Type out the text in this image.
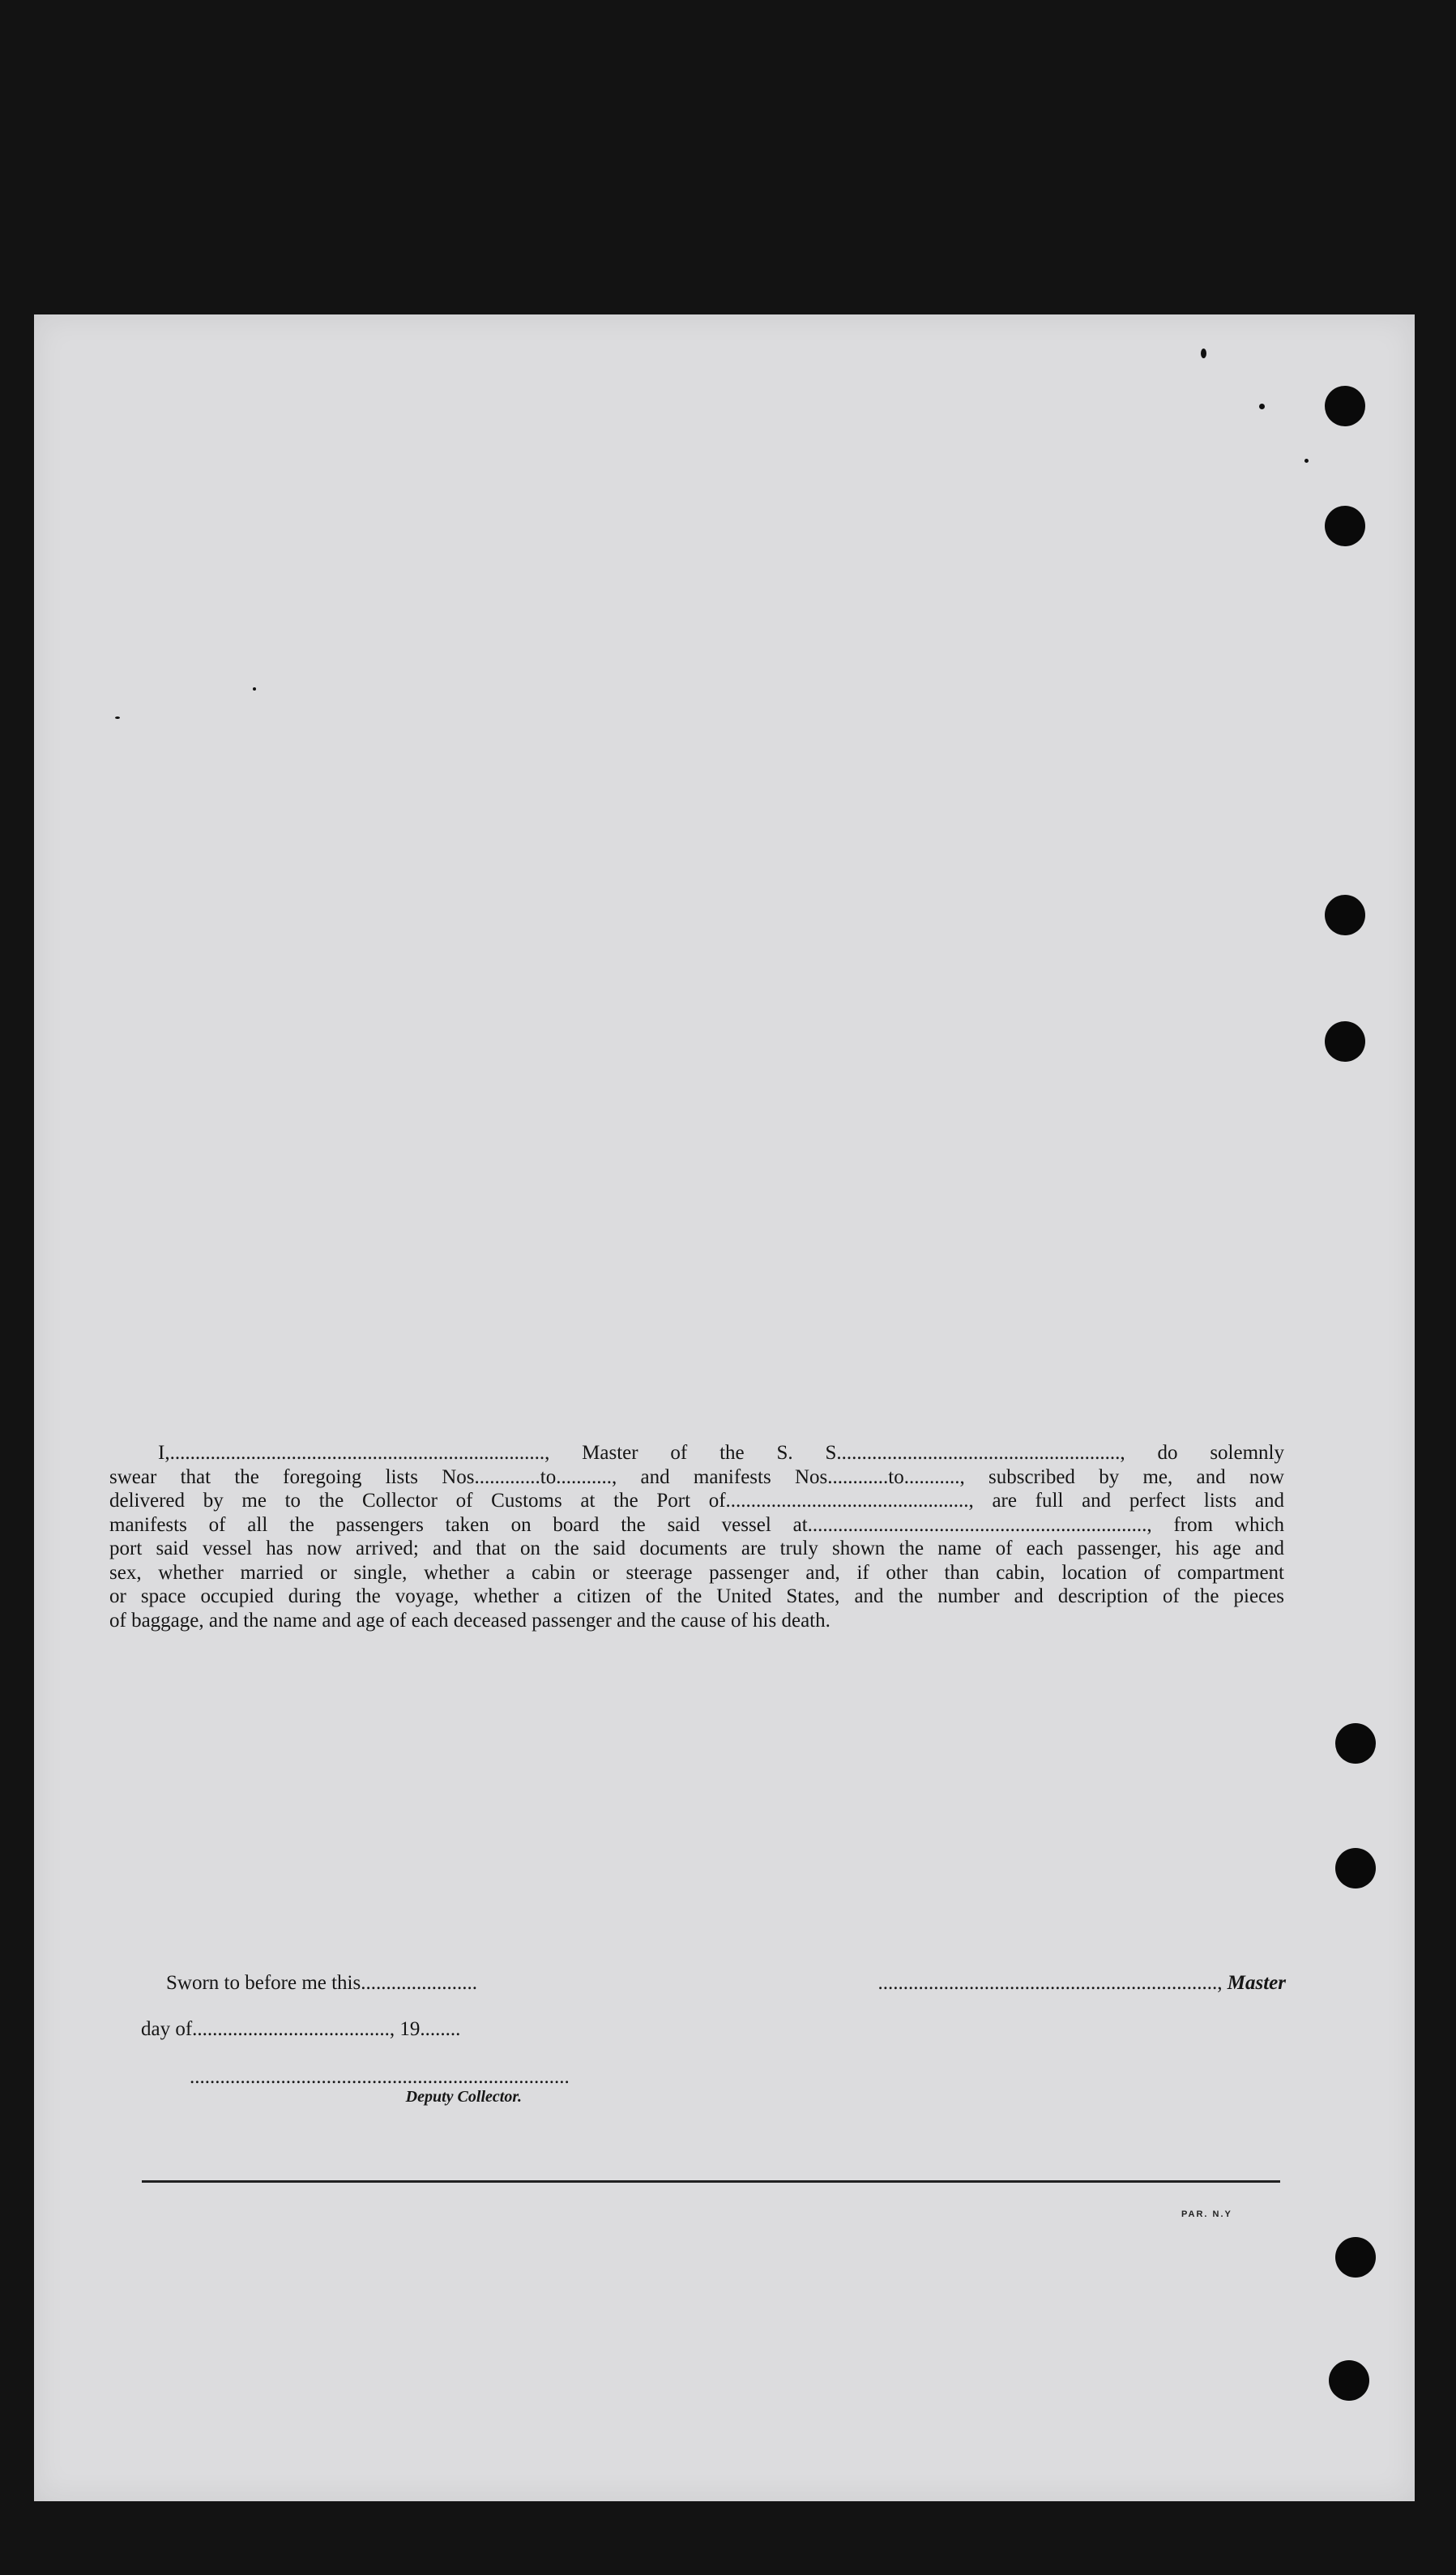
I,.........................................................................., Master of the S. S........................................................, do solemnly
swear that the foregoing lists Nos.............to..........., and manifests Nos............to..........., subscribed by me, and now
delivered by me to the Collector of Customs at the Port of................................................, are full and perfect lists and
manifests of all the passengers taken on board the said vessel at..................................................................., from which
port said vessel has now arrived; and that on the said documents are truly shown the name of each passenger, his age and
sex, whether married or single, whether a cabin or steerage passenger and, if other than cabin, location of compartment
or space occupied during the voyage, whether a citizen of the United States, and the number and description of the pieces
of baggage, and the name and age of each deceased passenger and the cause of his death.
Sworn to before me this.......................	..................................................................., Master
day of......................................., 19........
...........................................................................
Deputy Collector.
PAR. N.Y
